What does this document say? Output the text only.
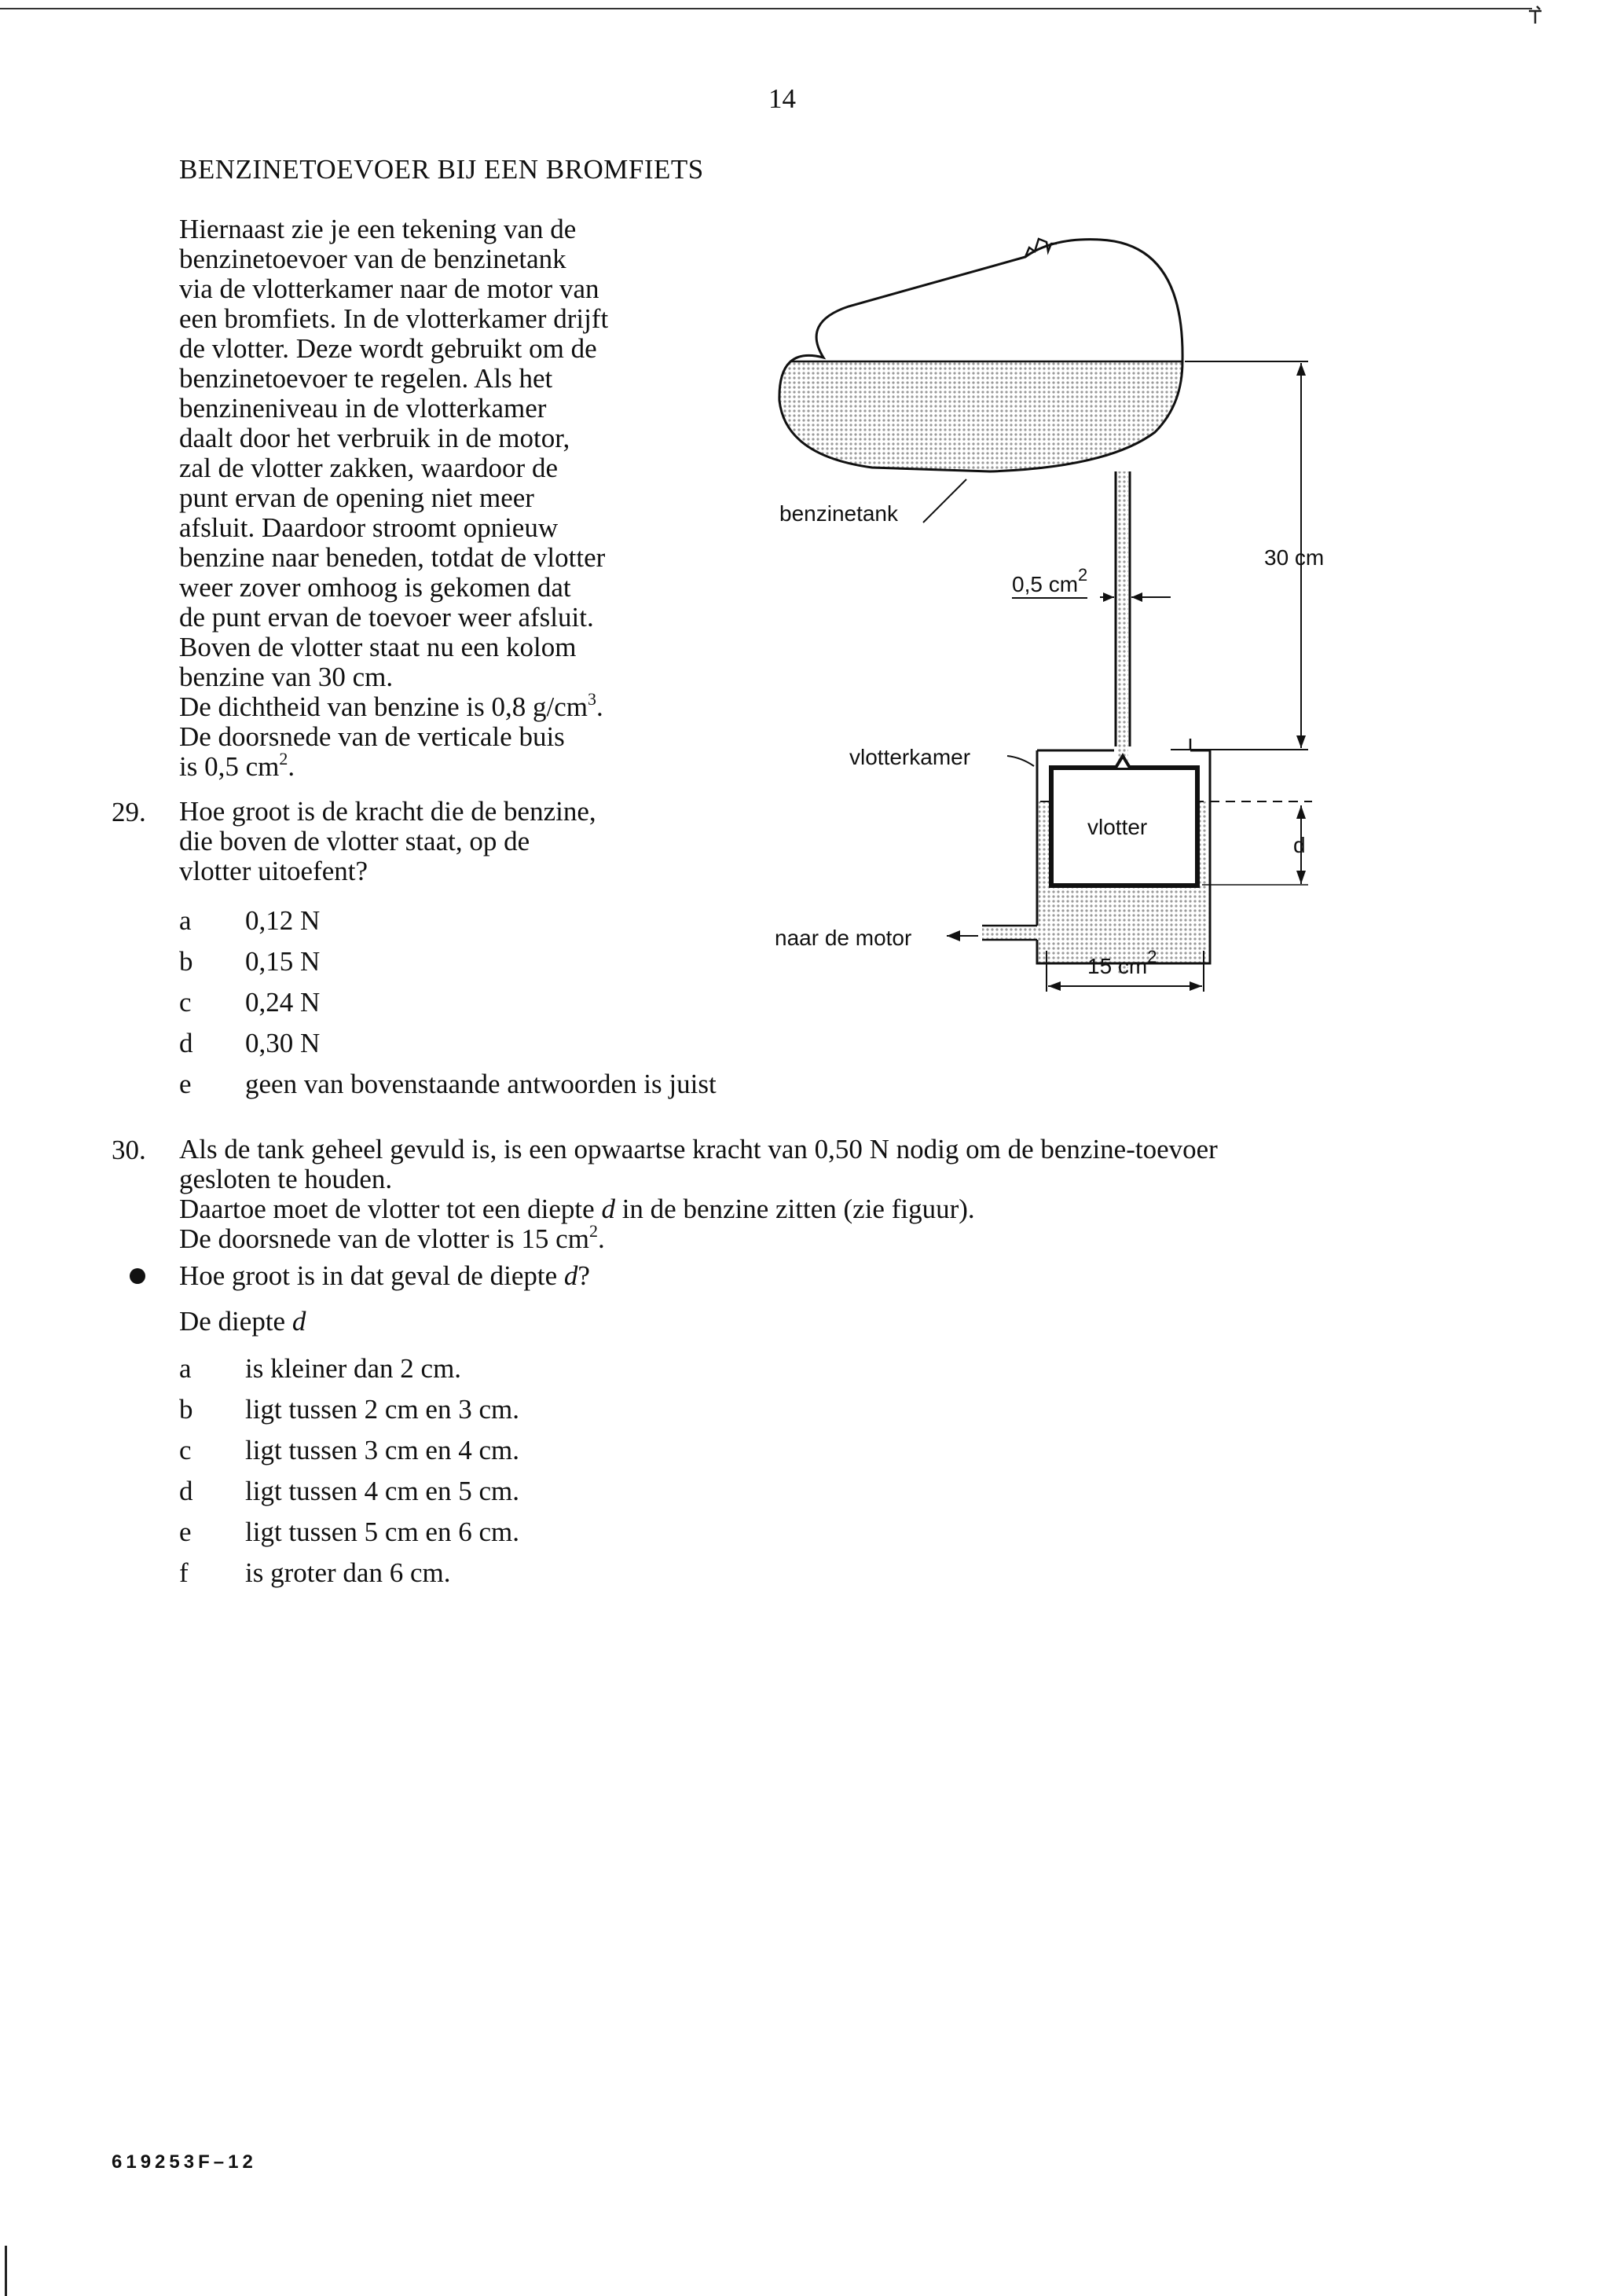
14
BENZINETOEVOER BIJ EEN BROMFIETS
Hiernaast zie je een tekening van de
benzinetoevoer van de benzinetank
via de vlotterkamer naar de motor van
een bromfiets. In de vlotterkamer drijft
de vlotter. Deze wordt gebruikt om de
benzinetoevoer te regelen. Als het
benzineniveau in de vlotterkamer
daalt door het verbruik in de motor,
zal de vlotter zakken, waardoor de
punt ervan de opening niet meer
afsluit. Daardoor stroomt opnieuw
benzine naar beneden, totdat de vlotter
weer zover omhoog is gekomen dat
de punt ervan de toevoer weer afsluit.
Boven de vlotter staat nu een kolom
benzine van 30 cm.
De dichtheid van benzine is 0,8 $g/cm^3$.
De doorsnede van de verticale buis
is 0,5 $cm^2$.
29. Hoe groot is de kracht die de benzine,
die boven de vlotter staat, op de
vlotter uitoefent?
a 0,12 N
b 0,15 N
c 0,24 N
d 0,30 N
e geen van bovenstaande antwoorden is juist
30. Als de tank geheel gevuld is, is een opwaartse kracht van 0,50 N nodig om de benzine-toevoer
gesloten te houden.
Daartoe moet de vlotter tot een diepte d in de benzine zitten (zie figuur).
De doorsnede van de vlotter is 15 $cm^2$.
Hoe groot is in dat geval de diepte d?
De diepte d
a is kleiner dan 2 cm.
b ligt tussen 2 cm en 3 cm.
c ligt tussen 3 cm en 4 cm.
d ligt tussen 4 cm en 5 cm.
e ligt tussen 5 cm en 6 cm.
f is groter dan 6 cm.
benzinetank
0,5 $cm^2$
30 cm
vlotterkamer
vlotter
d
naar de motor
15 $cm^2$
619253F–12
